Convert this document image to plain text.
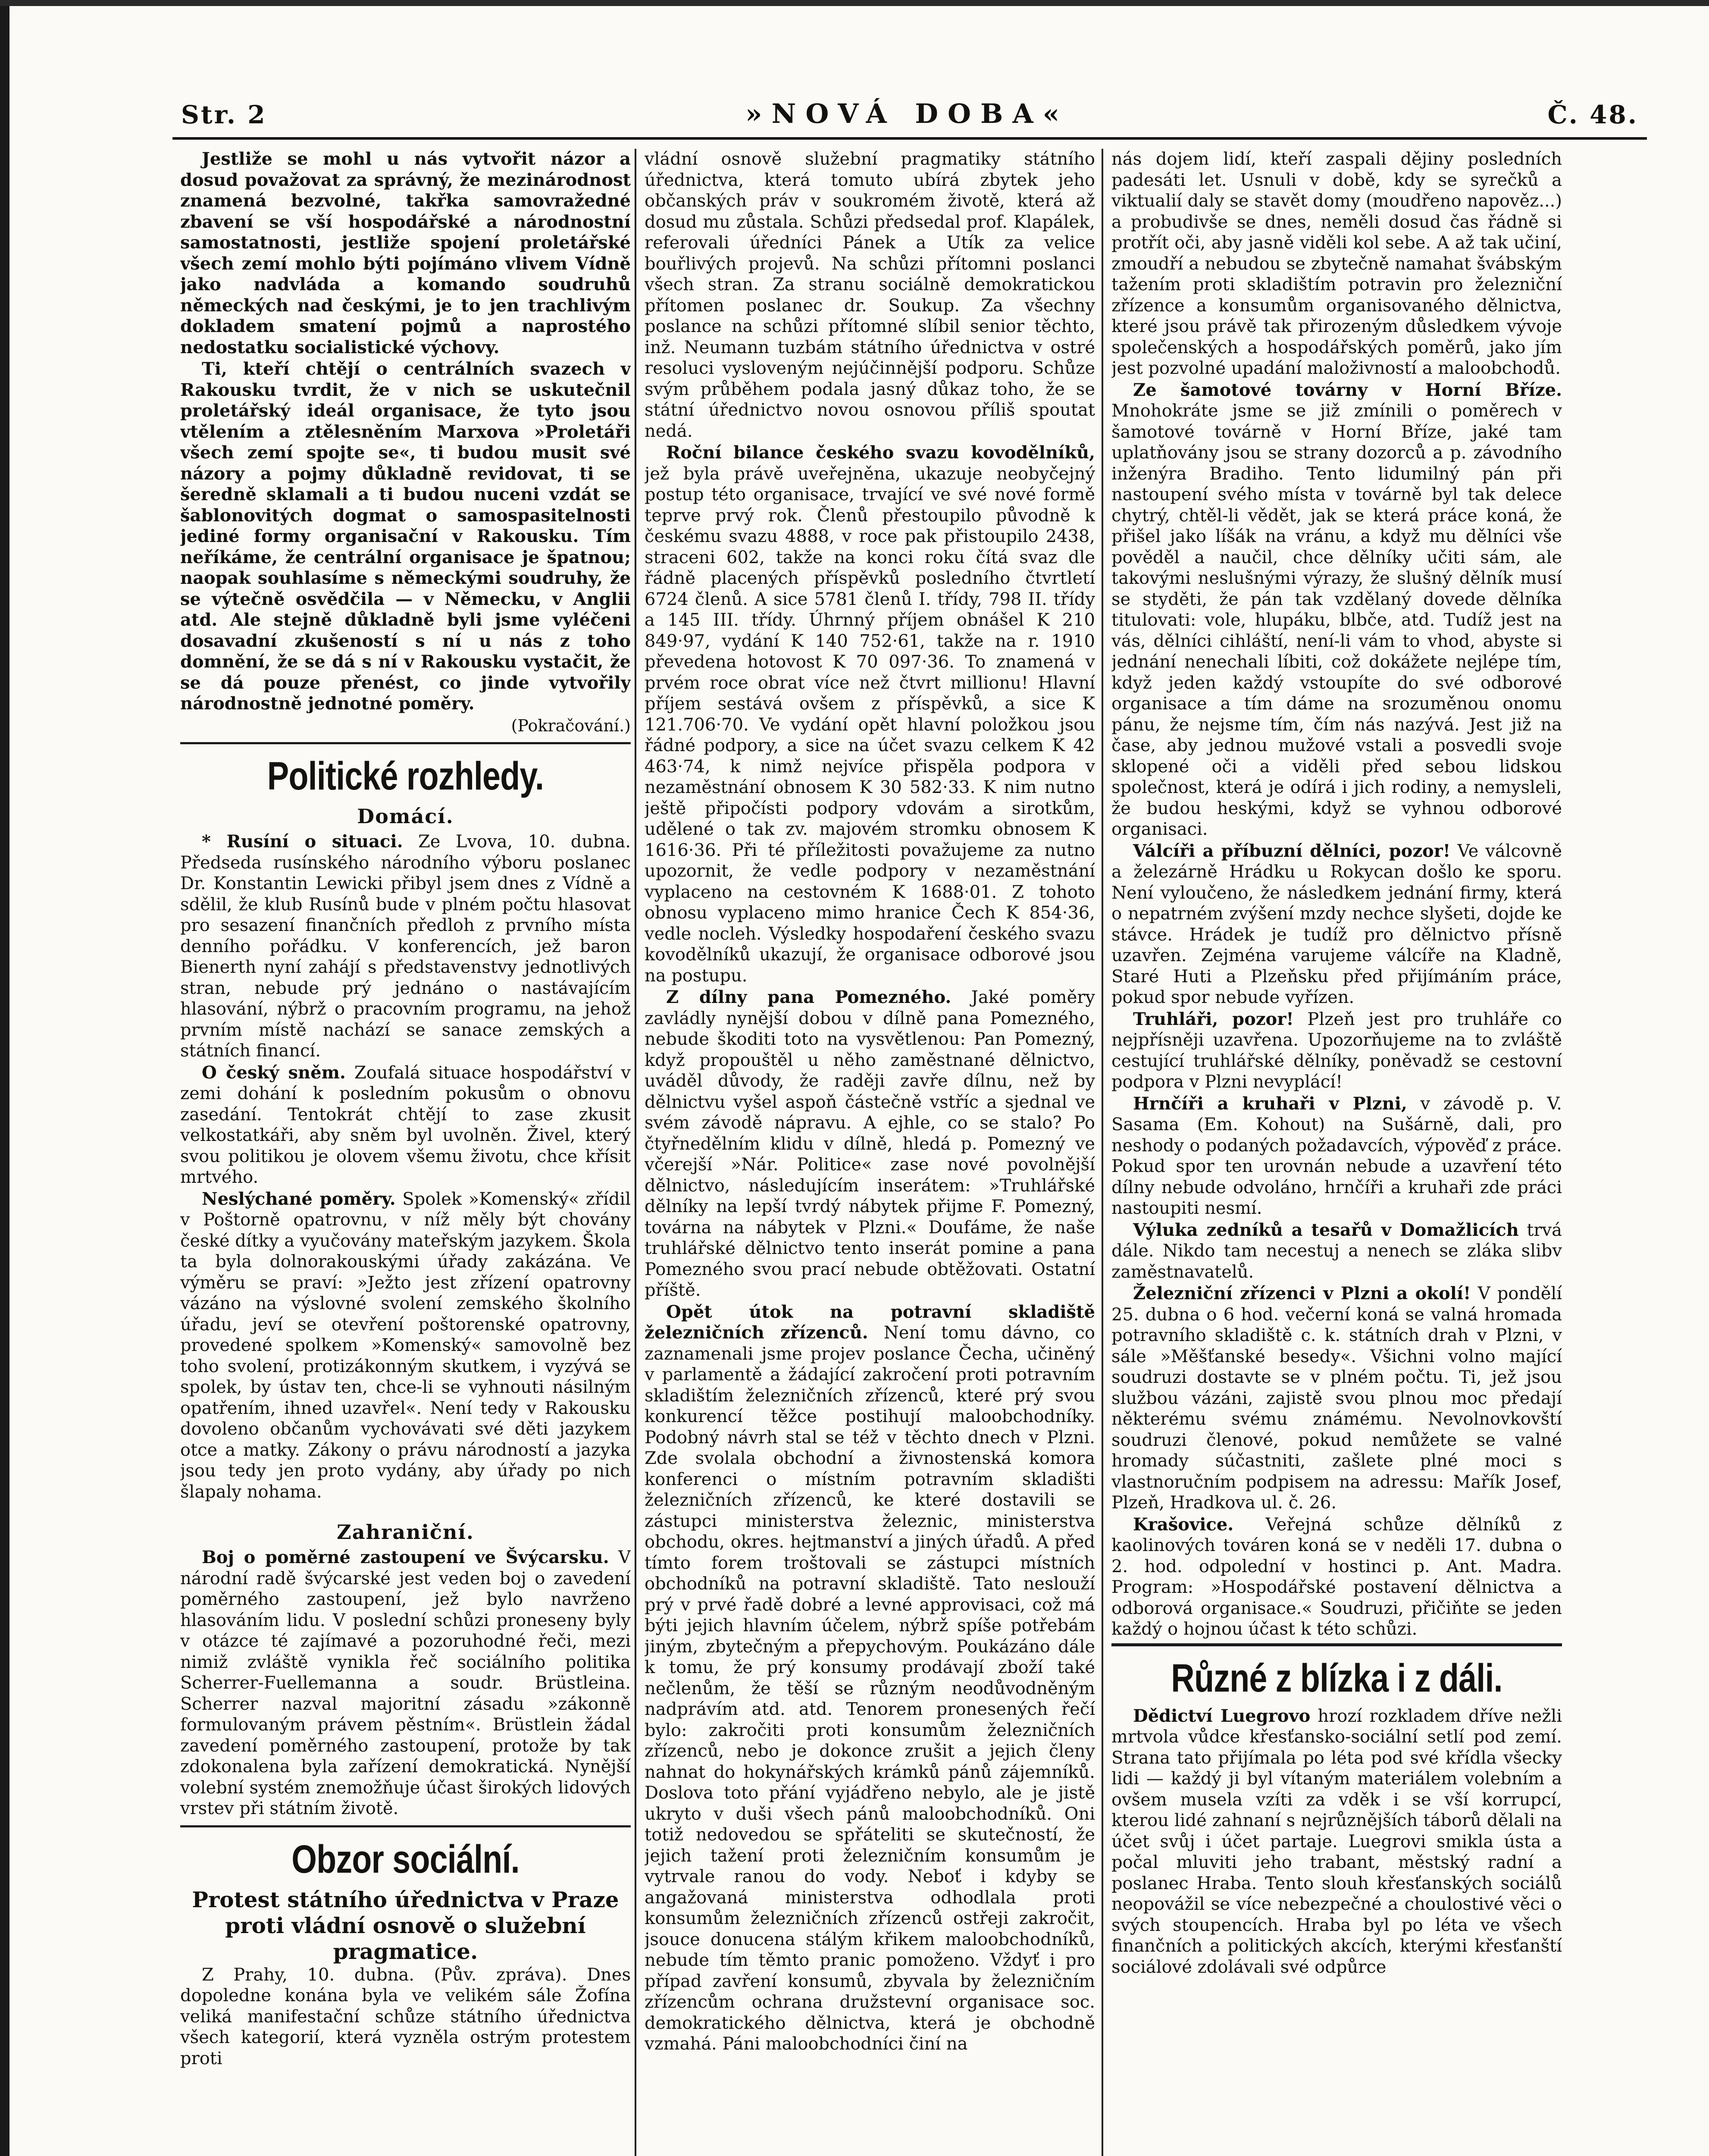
Str. 2	»NOVÁ DOBA«	Č. 48.

Jestliže se mohl u nás vytvořit názor a dosud považovat za správný, že mezinárodnost znamená bezvolné, takřka samovražedné zbavení se vší hospodářské a národnostní samostatnosti, jestliže spojení proletářské všech zemí mohlo býti pojímáno vlivem Vídně jako nadvláda a komando soudruhů německých nad českými, je to jen trachlivým dokladem smatení pojmů a naprostého nedostatku socialistické výchovy.

Ti, kteří chtějí o centrálních svazech v Rakousku tvrdit, že v nich se uskutečnil proletářský ideál organisace, že tyto jsou vtělením a ztělesněním Marxova »Proletáři všech zemí spojte se«, ti budou musit své názory a pojmy důkladně revidovat, ti se šeredně sklamali a ti budou nuceni vzdát se šablonovitých dogmat o samospasitelnosti jediné formy organisační v Rakousku. Tím neříkáme, že centrální organisace je špatnou; naopak souhlasíme s německými soudruhy, že se výtečně osvědčila — v Německu, v Anglii atd. Ale stejně důkladně byli jsme vyléčeni dosavadní zkušeností s ní u nás z toho domnění, že se dá s ní v Rakousku vystačit, že se dá pouze přenést, co jinde vytvořily národnostně jednotné poměry.

(Pokračování.)
Politické rozhledy.
Domácí.

* Rusíní o situaci. Ze Lvova, 10. dubna. Předseda rusínského národního výboru poslanec Dr. Konstantin Lewicki přibyl jsem dnes z Vídně a sdělil, že klub Rusínů bude v plném počtu hlasovat pro sesazení finančních předloh z prvního místa denního pořádku. V konferencích, jež baron Bienerth nyní zahájí s představenstvy jednotlivých stran, nebude prý jednáno o nastávajícím hlasování, nýbrž o pracovním programu, na jehož prvním místě nachází se sanace zemských a státních financí.

O český sněm. Zoufalá situace hospodářství v zemi dohání k posledním pokusům o obnovu zasedání. Tentokrát chtějí to zase zkusit velkostatkáři, aby sněm byl uvolněn. Živel, který svou politikou je olovem všemu životu, chce křísit mrtvého.

Neslýchané poměry. Spolek »Komenský« zřídil v Poštorně opatrovnu, v níž měly být chovány české dítky a vyučovány mateřským jazykem. Škola ta byla dolnorakouskými úřady zakázána. Ve výměru se praví: »Ježto jest zřízení opatrovny vázáno na výslovné svolení zemského školního úřadu, jeví se otevření poštorenské opatrovny, provedené spolkem »Komenský« samovolně bez toho svolení, protizákonným skutkem, i vyzývá se spolek, by ústav ten, chce-li se vyhnouti násilným opatřením, ihned uzavřel«. Není tedy v Rakousku dovoleno občanům vychovávati své děti jazykem otce a matky. Zákony o právu národností a jazyka jsou tedy jen proto vydány, aby úřady po nich šlapaly nohama.

Zahraniční.

Boj o poměrné zastoupení ve Švýcarsku. V národní radě švýcarské jest veden boj o zavedení poměrného zastoupení, jež bylo navrženo hlasováním lidu. V poslední schůzi proneseny byly v otázce té zajímavé a pozoruhodné řeči, mezi nimiž zvláště vynikla řeč sociálního politika Scherrer-Fuellemanna a soudr. Brüstleina. Scherrer nazval majoritní zásadu »zákonně formulovaným právem pěstním«. Brüstlein žádal zavedení poměrného zastoupení, protože by tak zdokonalena byla zařízení demokratická. Nynější volební systém znemožňuje účast širokých lidových vrstev při státním životě.

Obzor sociální.
Protest státního úřednictva v Praze proti vládní osnově o služební pragmatice.

Z Prahy, 10. dubna. (Pův. zpráva). Dnes dopoledne konána byla ve velikém sále Žofína veliká manifestační schůze státního úřednictva všech kategorií, která vyzněla ostrým protestem proti

vládní osnově služební pragmatiky státního úřednictva, která tomuto ubírá zbytek jeho občanských práv v soukromém životě, která až dosud mu zůstala. Schůzi předsedal prof. Klapálek, referovali úředníci Pánek a Utík za velice bouřlivých projevů. Na schůzi přítomni poslanci všech stran. Za stranu sociálně demokratickou přítomen poslanec dr. Soukup. Za všechny poslance na schůzi přítomné slíbil senior těchto, inž. Neumann tuzbám státního úřednictva v ostré resoluci vysloveným nejúčinnější podporu. Schůze svým průběhem podala jasný důkaz toho, že se státní úřednictvo novou osnovou příliš spoutat nedá.

Roční bilance českého svazu kovodělníků, jež byla právě uveřejněna, ukazuje neobyčejný postup této organisace, trvající ve své nové formě teprve prvý rok. Členů přestoupilo původně k českému svazu 4888, v roce pak přistoupilo 2438, straceni 602, takže na konci roku čítá svaz dle řádně placených příspěvků posledního čtvrtletí 6724 členů. A sice 5781 členů I. třídy, 798 II. třídy a 145 III. třídy. Úhrnný příjem obnášel K 210 849·97, vydání K 140 752·61, takže na r. 1910 převedena hotovost K 70 097·36. To znamená v prvém roce obrat více než čtvrt millionu! Hlavní příjem sestává ovšem z příspěvků, a sice K 121.706·70. Ve vydání opět hlavní položkou jsou řádné podpory, a sice na účet svazu celkem K 42 463·74, k nimž nejvíce přispěla podpora v nezaměstnání obnosem K 30 582·33. K nim nutno ještě připočísti podpory vdovám a sirotkům, udělené o tak zv. majovém stromku obnosem K 1616·36. Při té příležitosti považujeme za nutno upozornit, že vedle podpory v nezaměstnání vyplaceno na cestovném K 1688·01. Z tohoto obnosu vyplaceno mimo hranice Čech K 854·36, vedle nocleh. Výsledky hospodaření českého svazu kovodělníků ukazují, že organisace odborové jsou na postupu.

Z dílny pana Pomezného. Jaké poměry zavládly nynější dobou v dílně pana Pomezného, nebude škoditi toto na vysvětlenou: Pan Pomezný, když propouštěl u něho zaměstnané dělnictvo, uváděl důvody, že raději zavře dílnu, než by dělnictvu vyšel aspoň částečně vstříc a sjednal ve svém závodě nápravu. A ejhle, co se stalo? Po čtyřnedělním klidu v dílně, hledá p. Pomezný ve včerejší »Nár. Politice« zase nové povolnější dělnictvo, následujícím inserátem: »Truhlářské dělníky na lepší tvrdý nábytek přijme F. Pomezný, továrna na nábytek v Plzni.« Doufáme, že naše truhlářské dělnictvo tento inserát pomine a pana Pomezného svou prací nebude obtěžovati. Ostatní příště.

Opět útok na potravní skladiště železničních zřízenců. Není tomu dávno, co zaznamenali jsme projev poslance Čecha, učiněný v parlamentě a žádající zakročení proti potravním skladištím železničních zřízenců, které prý svou konkurencí těžce postihují maloobchodníky. Podobný návrh stal se též v těchto dnech v Plzni. Zde svolala obchodní a živnostenská komora konferenci o místním potravním skladišti železničních zřízenců, ke které dostavili se zástupci ministerstva železnic, ministerstva obchodu, okres. hejtmanství a jiných úřadů. A před tímto forem troštovali se zástupci místních obchodníků na potravní skladiště. Tato neslouží prý v prvé řadě dobré a levné approvisaci, což má býti jejich hlavním účelem, nýbrž spíše potřebám jiným, zbytečným a přepychovým. Poukázáno dále k tomu, že prý konsumy prodávají zboží také nečlenům, že těší se různým neodůvodněným nadprávím atd. atd. Tenorem pronesených řečí bylo: zakročiti proti konsumům železničních zřízenců, nebo je dokonce zrušit a jejich členy nahnat do hokynářských krámků pánů zájemníků. Doslova toto přání vyjádřeno nebylo, ale je jistě ukryto v duši všech pánů maloobchodníků. Oni totiž nedovedou se spřáteliti se skutečností, že jejich tažení proti železničním konsumům je vytrvale ranou do vody. Neboť i kdyby se angažovaná ministerstva odhodlala proti konsumům železničních zřízenců ostřeji zakročit, jsouce donucena stálým křikem maloobchodníků, nebude tím těmto pranic pomoženo. Vždyť i pro případ zavření konsumů, zbyvala by železničním zřízencům ochrana družstevní organisace soc. demokratického dělnictva, která je obchodně vzmahá. Páni maloobchodníci činí na

nás dojem lidí, kteří zaspali dějiny posledních padesáti let. Usnuli v době, kdy se syrečků a viktualií daly se stavět domy (moudřeno napověz...) a probudivše se dnes, neměli dosud čas řádně si protřít oči, aby jasně viděli kol sebe. A až tak učiní, zmoudří a nebudou se zbytečně namahat švábským tažením proti skladištím potravin pro železniční zřízence a konsumům organisovaného dělnictva, které jsou právě tak přirozeným důsledkem vývoje společenských a hospodářských poměrů, jako jím jest pozvolné upadání maloživností a maloobchodů.

Ze šamotové továrny v Horní Bříze. Mnohokráte jsme se již zmínili o poměrech v šamotové továrně v Horní Bříze, jaké tam uplatňovány jsou se strany dozorců a p. závodního inženýra Bradiho. Tento lidumilný pán při nastoupení svého místa v továrně byl tak delece chytrý, chtěl-li vědět, jak se která práce koná, že přišel jako líšák na vránu, a když mu dělníci vše pověděl a naučil, chce dělníky učiti sám, ale takovými neslušnými výrazy, že slušný dělník musí se styděti, že pán tak vzdělaný dovede dělníka titulovati: vole, hlupáku, blbče, atd. Tudíž jest na vás, dělníci cihláští, není-li vám to vhod, abyste si jednání nenechali líbiti, což dokážete nejlépe tím, když jeden každý vstoupíte do své odborové organisace a tím dáme na srozuměnou onomu pánu, že nejsme tím, čím nás nazývá. Jest již na čase, aby jednou mužové vstali a posvedli svoje sklopené oči a viděli před sebou lidskou společnost, která je odírá i jich rodiny, a nemysleli, že budou heskými, když se vyhnou odborové organisaci.

Válcíři a příbuzní dělníci, pozor! Ve válcovně a železárně Hrádku u Rokycan došlo ke sporu. Není vyloučeno, že následkem jednání firmy, která o nepatrném zvýšení mzdy nechce slyšeti, dojde ke stávce. Hrádek je tudíž pro dělnictvo přísně uzavřen. Zejména varujeme válcíře na Kladně, Staré Huti a Plzeňsku před přijímáním práce, pokud spor nebude vyřízen.

Truhláři, pozor! Plzeň jest pro truhláře co nejpřísněji uzavřena. Upozorňujeme na to zvláště cestující truhlářské dělníky, poněvadž se cestovní podpora v Plzni nevyplácí!

Hrnčíři a kruhaři v Plzni, v závodě p. V. Sasama (Em. Kohout) na Sušárně, dali, pro neshody o podaných požadavcích, výpověď z práce. Pokud spor ten urovnán nebude a uzavření této dílny nebude odvoláno, hrnčíři a kruhaři zde práci nastoupiti nesmí.

Výluka zedníků a tesařů v Domažlicích trvá dále. Nikdo tam necestuj a nenech se zláka slibv zaměstnavatelů.

Železniční zřízenci v Plzni a okolí! V pondělí 25. dubna o 6 hod. večerní koná se valná hromada potravního skladiště c. k. státních drah v Plzni, v sále »Měšťanské besedy«. Všichni volno mající soudruzi dostavte se v plném počtu. Ti, jež jsou službou vázáni, zajistě svou plnou moc předají některému svému známému. Nevolnovkovští soudruzi členové, pokud nemůžete se valné hromady súčastniti, zašlete plné moci s vlastnoručním podpisem na adressu: Mařík Josef, Plzeň, Hradkova ul. č. 26.

Krašovice. Veřejná schůze dělníků z kaolinových továren koná se v neděli 17. dubna o 2. hod. odpolední v hostinci p. Ant. Madra. Program: »Hospodářské postavení dělnictva a odborová organisace.« Soudruzi, přičiňte se jeden každý o hojnou účast k této schůzi.

Různé z blízka i z dáli.

Dědictví Luegrovo hrozí rozkladem dříve nežli mrtvola vůdce křesťansko-sociální setlí pod zemí. Strana tato přijímala po léta pod své křídla všecky lidi — každý ji byl vítaným materiálem volebním a ovšem musela vzíti za vděk i se vší korrupcí, kterou lidé zahnaní s nejrůznějších táborů dělali na účet svůj i účet partaje. Luegrovi smikla ústa a počal mluviti jeho trabant, městský radní a poslanec Hraba. Tento slouh křesťanských sociálů neopovážil se více nebezpečné a choulostivé věci o svých stoupencích. Hraba byl po léta ve všech finančních a politických akcích, kterými křesťanští sociálové zdolávali své odpůrce
